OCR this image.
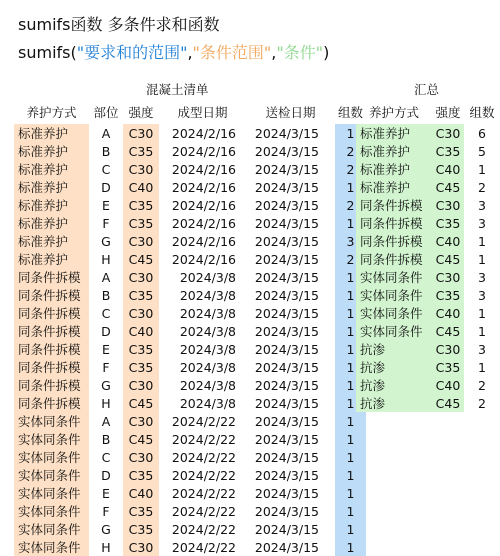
sumifs函数 多条件求和函数
sumifs("要求和的范围","条件范围","条件")
混凝土清单	汇总
养护方式	部位	强度	成型日期	送检日期	组数
标准养护	A	C30	2024/2/16	2024/3/15	1
标准养护	B	C35	2024/2/16	2024/3/15	2
标准养护	C	C30	2024/2/16	2024/3/15	2
标准养护	D	C40	2024/2/16	2024/3/15	1
标准养护	E	C35	2024/2/16	2024/3/15	2
标准养护	F	C35	2024/2/16	2024/3/15	1
标准养护	G	C30	2024/2/16	2024/3/15	3
标准养护	H	C45	2024/2/16	2024/3/15	2
同条件拆模	A	C30	2024/3/8	2024/3/15	1
同条件拆模	B	C35	2024/3/8	2024/3/15	1
同条件拆模	C	C30	2024/3/8	2024/3/15	1
同条件拆模	D	C40	2024/3/8	2024/3/15	1
同条件拆模	E	C35	2024/3/8	2024/3/15	1
同条件拆模	F	C35	2024/3/8	2024/3/15	1
同条件拆模	G	C30	2024/3/8	2024/3/15	1
同条件拆模	H	C45	2024/3/8	2024/3/15	1
实体同条件	A	C30	2024/2/22	2024/3/15	1
实体同条件	B	C45	2024/2/22	2024/3/15	1
实体同条件	C	C30	2024/2/22	2024/3/15	1
实体同条件	D	C35	2024/2/22	2024/3/15	1
实体同条件	E	C40	2024/2/22	2024/3/15	1
实体同条件	F	C35	2024/2/22	2024/3/15	1
实体同条件	G	C35	2024/2/22	2024/3/15	1
实体同条件	H	C30	2024/2/22	2024/3/15	1
养护方式	强度	组数
标准养护	C30	6
标准养护	C35	5
标准养护	C40	1
标准养护	C45	2
同条件拆模	C30	3
同条件拆模	C35	3
同条件拆模	C40	1
同条件拆模	C45	1
实体同条件	C30	3
实体同条件	C35	3
实体同条件	C40	1
实体同条件	C45	1
抗渗	C30	3
抗渗	C35	1
抗渗	C40	2
抗渗	C45	2
